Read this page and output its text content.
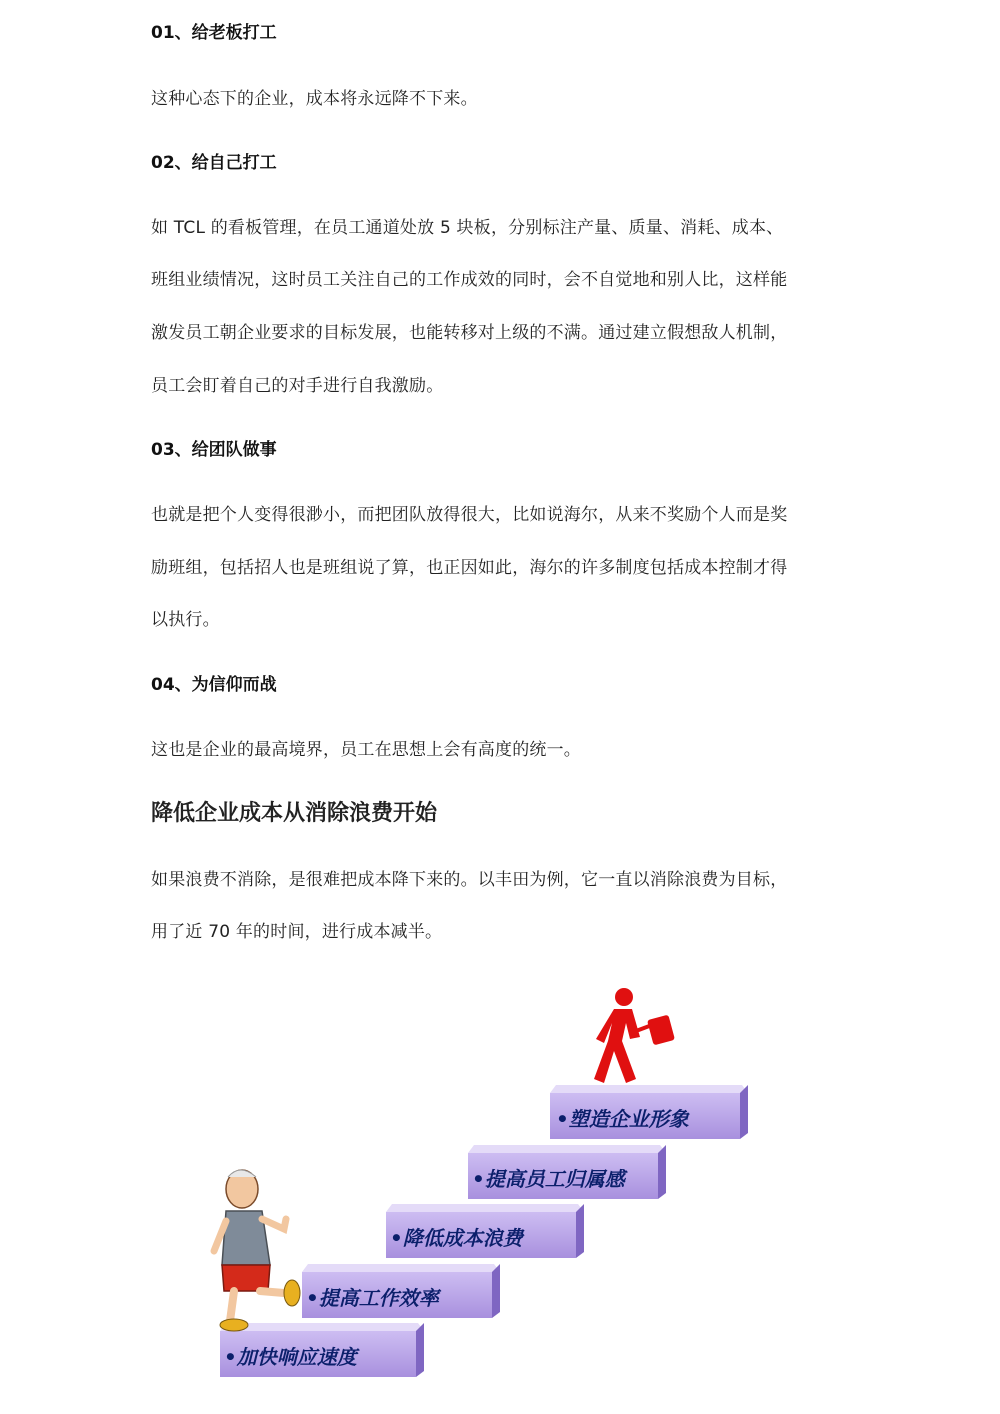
01、给老板打工

这种心态下的企业，成本将永远降不下来。

02、给自己打工

如 TCL 的看板管理，在员工通道处放 5 块板，分别标注产量、质量、消耗、成本、

班组业绩情况，这时员工关注自己的工作成效的同时，会不自觉地和别人比，这样能

激发员工朝企业要求的目标发展，也能转移对上级的不满。通过建立假想敌人机制，

员工会盯着自己的对手进行自我激励。

03、给团队做事

也就是把个人变得很渺小，而把团队放得很大，比如说海尔，从来不奖励个人而是奖

励班组，包括招人也是班组说了算，也正因如此，海尔的许多制度包括成本控制才得

以执行。

04、为信仰而战

这也是企业的最高境界，员工在思想上会有高度的统一。

降低企业成本从消除浪费开始

如果浪费不消除，是很难把成本降下来的。以丰田为例，它一直以消除浪费为目标，

用了近 70 年的时间，进行成本减半。

•塑造企业形象
•提高员工归属感
•降低成本浪费
•提高工作效率
•加快响应速度
